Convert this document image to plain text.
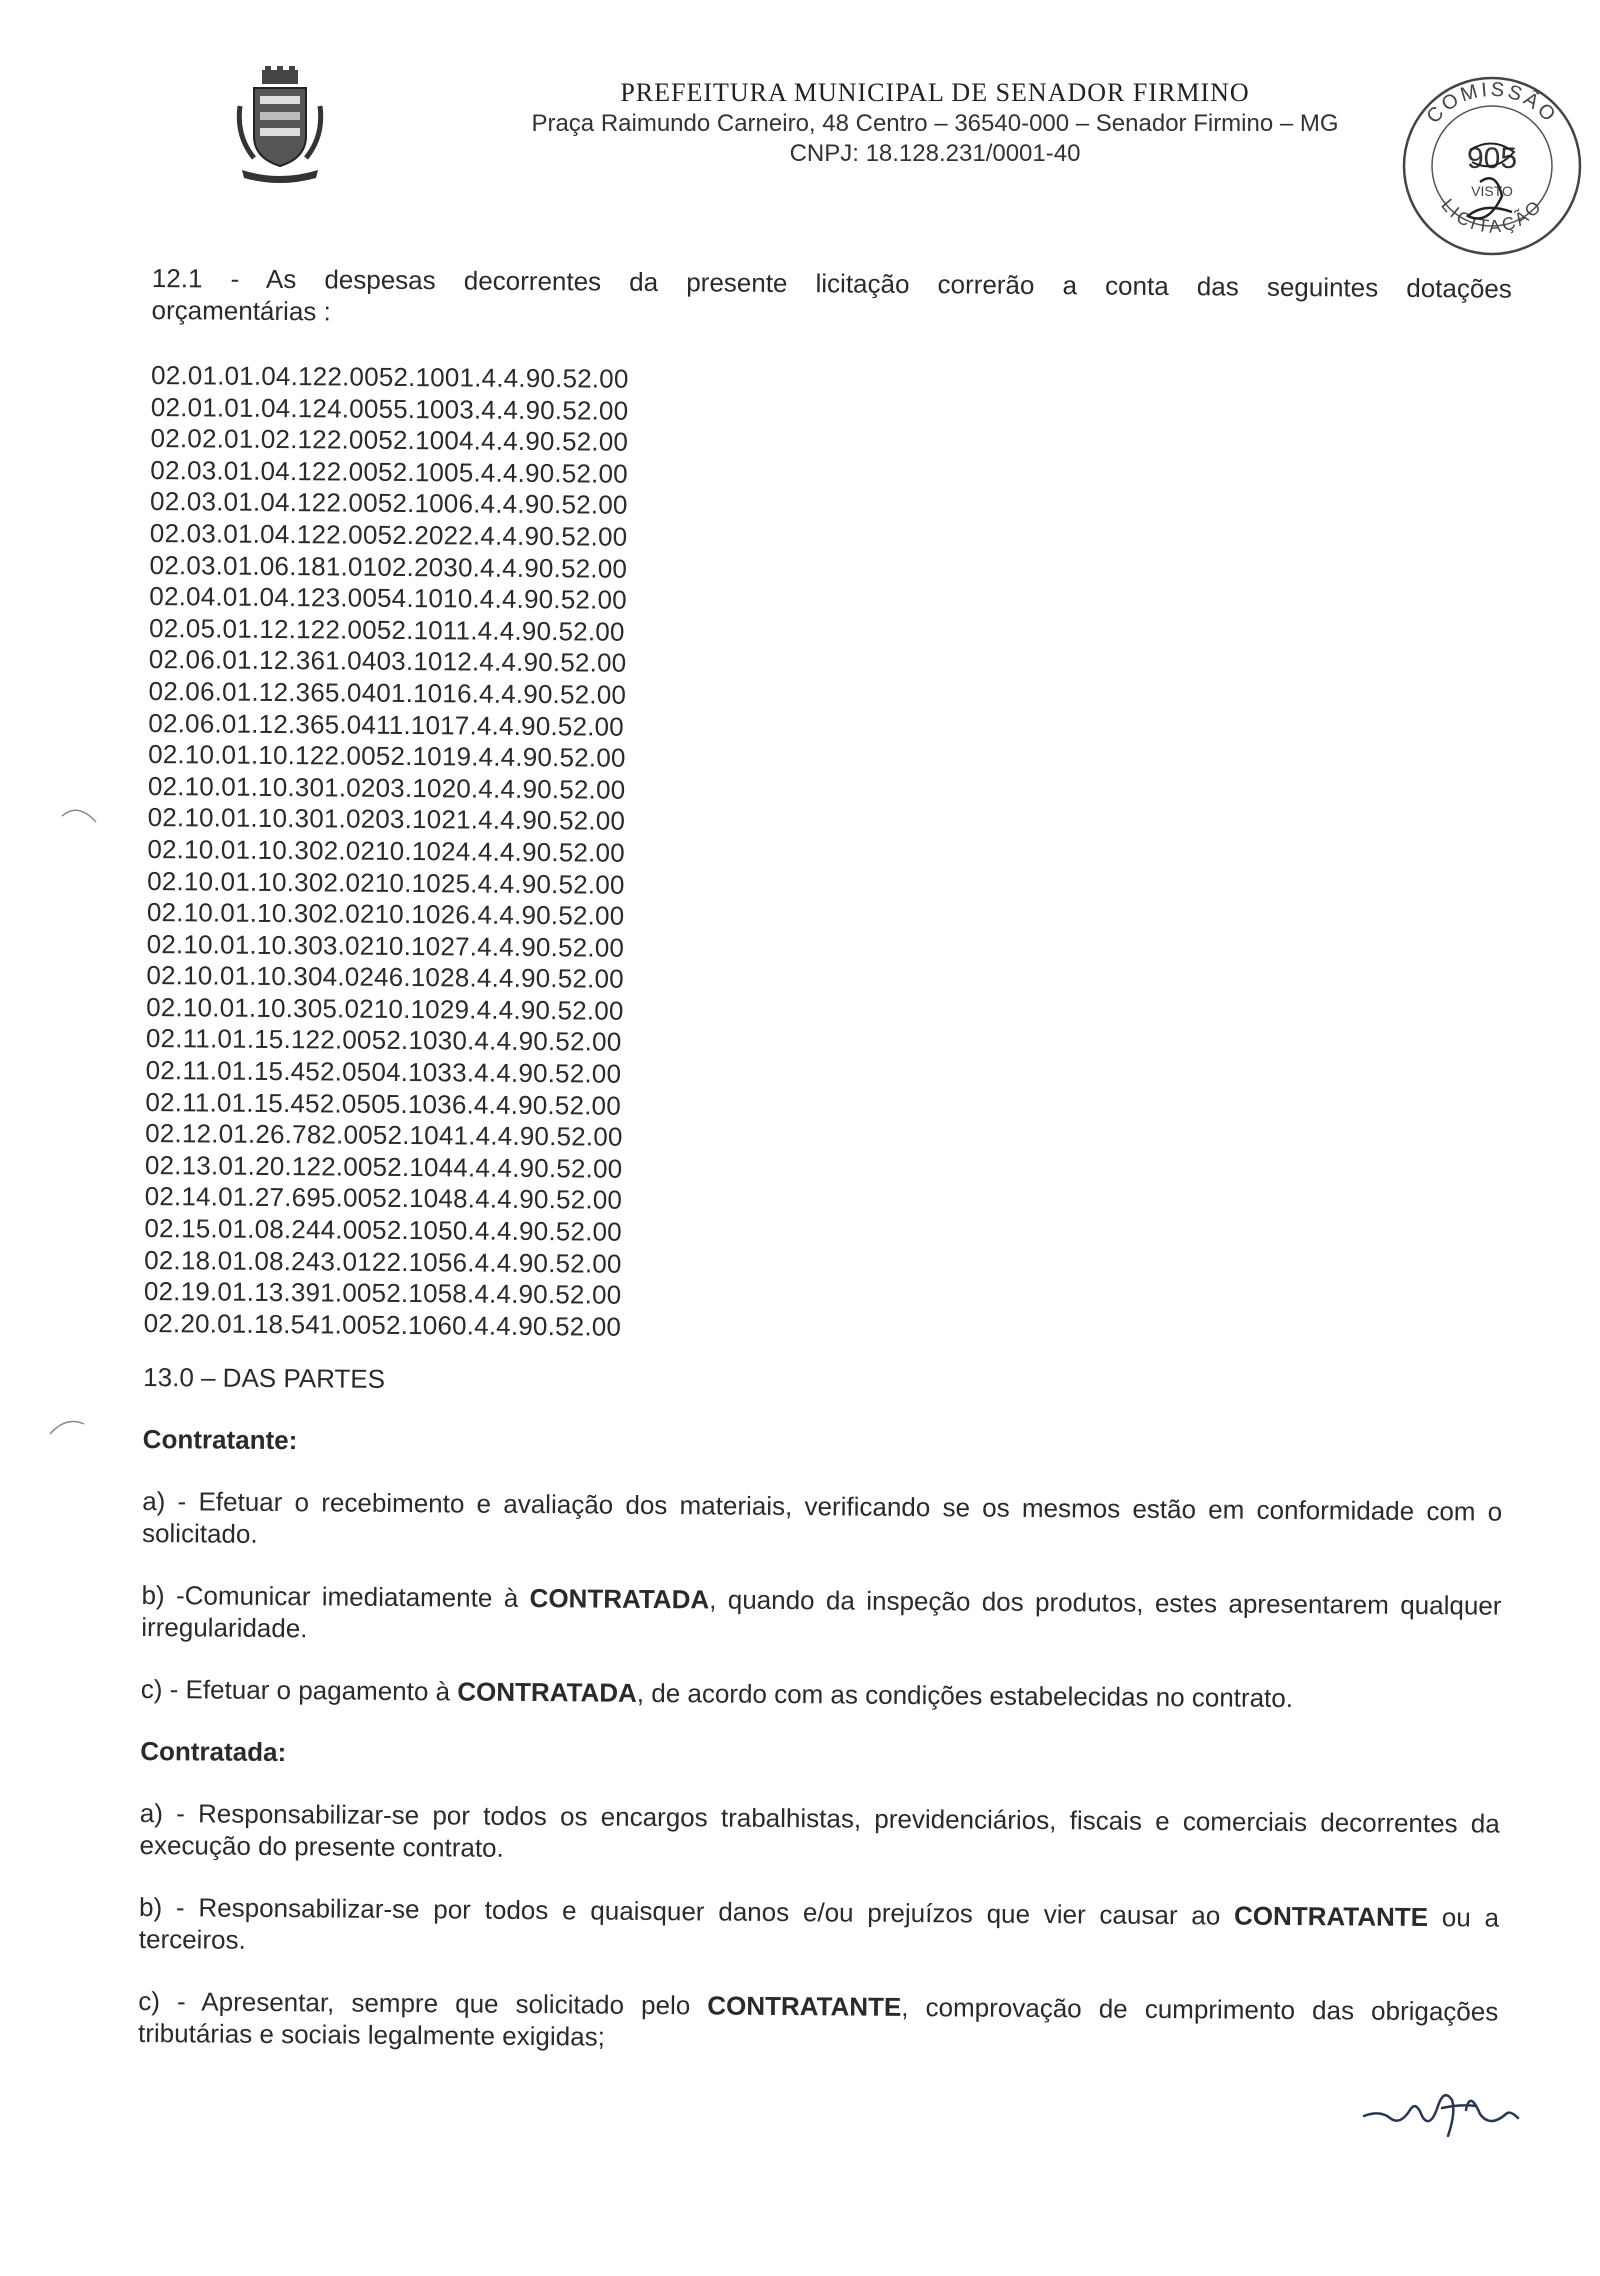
PREFEITURA MUNICIPAL DE SENADOR FIRMINO
Praça Raimundo Carneiro, 48 Centro – 36540-000 – Senador Firmino – MG
CNPJ: 18.128.231/0001-40
COMISSÃO
LICITAÇÃO
905
VISTO

12.1 - As despesas decorrentes da presente licitação correrão a conta das seguintes dotações

orçamentárias :

02.01.01.04.122.0052.1001.4.4.90.52.00
02.01.01.04.124.0055.1003.4.4.90.52.00
02.02.01.02.122.0052.1004.4.4.90.52.00
02.03.01.04.122.0052.1005.4.4.90.52.00
02.03.01.04.122.0052.1006.4.4.90.52.00
02.03.01.04.122.0052.2022.4.4.90.52.00
02.03.01.06.181.0102.2030.4.4.90.52.00
02.04.01.04.123.0054.1010.4.4.90.52.00
02.05.01.12.122.0052.1011.4.4.90.52.00
02.06.01.12.361.0403.1012.4.4.90.52.00
02.06.01.12.365.0401.1016.4.4.90.52.00
02.06.01.12.365.0411.1017.4.4.90.52.00
02.10.01.10.122.0052.1019.4.4.90.52.00
02.10.01.10.301.0203.1020.4.4.90.52.00
02.10.01.10.301.0203.1021.4.4.90.52.00
02.10.01.10.302.0210.1024.4.4.90.52.00
02.10.01.10.302.0210.1025.4.4.90.52.00
02.10.01.10.302.0210.1026.4.4.90.52.00
02.10.01.10.303.0210.1027.4.4.90.52.00
02.10.01.10.304.0246.1028.4.4.90.52.00
02.10.01.10.305.0210.1029.4.4.90.52.00
02.11.01.15.122.0052.1030.4.4.90.52.00
02.11.01.15.452.0504.1033.4.4.90.52.00
02.11.01.15.452.0505.1036.4.4.90.52.00
02.12.01.26.782.0052.1041.4.4.90.52.00
02.13.01.20.122.0052.1044.4.4.90.52.00
02.14.01.27.695.0052.1048.4.4.90.52.00
02.15.01.08.244.0052.1050.4.4.90.52.00
02.18.01.08.243.0122.1056.4.4.90.52.00
02.19.01.13.391.0052.1058.4.4.90.52.00
02.20.01.18.541.0052.1060.4.4.90.52.00

13.0 – DAS PARTES

Contratante:

a) - Efetuar o recebimento e avaliação dos materiais, verificando se os mesmos estão em conformidade com o solicitado.

b) -Comunicar imediatamente à CONTRATADA, quando da inspeção dos produtos, estes apresentarem qualquer irregularidade.

c) - Efetuar o pagamento à CONTRATADA, de acordo com as condições estabelecidas no contrato.

Contratada:

a) - Responsabilizar-se por todos os encargos trabalhistas, previdenciários, fiscais e comerciais decorrentes da execução do presente contrato.

b) - Responsabilizar-se por todos e quaisquer danos e/ou prejuízos que vier causar ao CONTRATANTE ou a terceiros.

c) - Apresentar, sempre que solicitado pelo CONTRATANTE, comprovação de cumprimento das obrigações tributárias e sociais legalmente exigidas;
